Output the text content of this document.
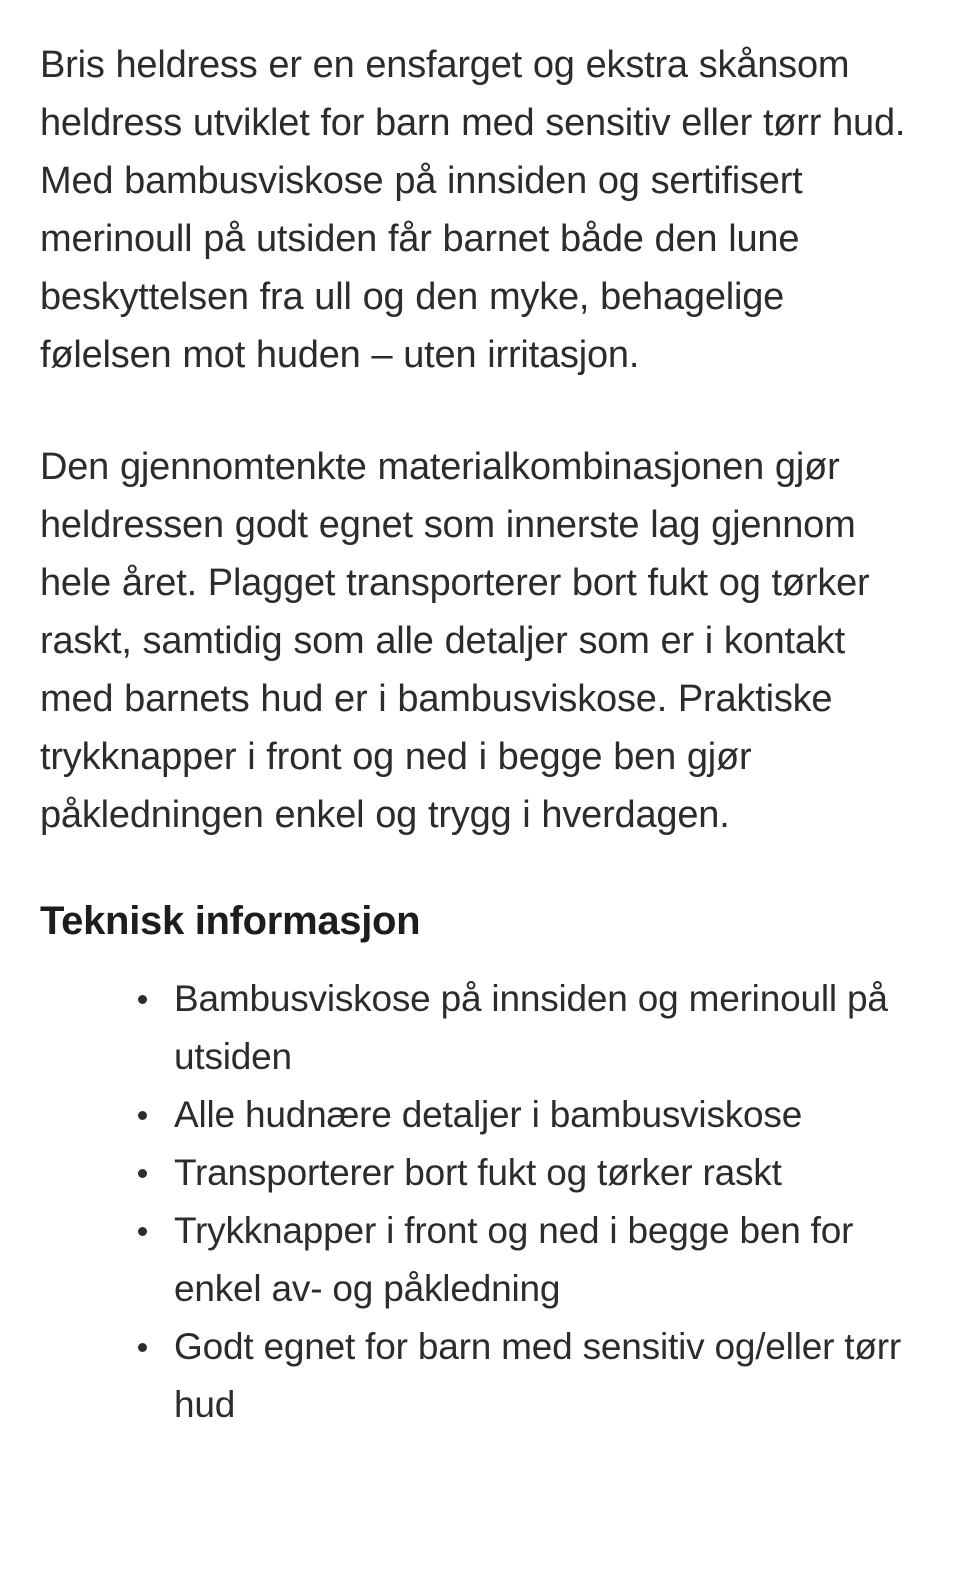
Bris heldress er en ensfarget og ekstra skånsom heldress utviklet for barn med sensitiv eller tørr hud. Med bambusviskose på innsiden og sertifisert merinoull på utsiden får barnet både den lune beskyttelsen fra ull og den myke, behagelige følelsen mot huden – uten irritasjon.

Den gjennomtenkte materialkombinasjonen gjør heldressen godt egnet som innerste lag gjennom hele året. Plagget transporterer bort fukt og tørker raskt, samtidig som alle detaljer som er i kontakt med barnets hud er i bambusviskose. Praktiske trykknapper i front og ned i begge ben gjør påkledningen enkel og trygg i hverdagen.

Teknisk informasjon
Bambusviskose på innsiden og merinoull på utsiden
Alle hudnære detaljer i bambusviskose
Transporterer bort fukt og tørker raskt
Trykknapper i front og ned i begge ben for enkel av- og påkledning
Godt egnet for barn med sensitiv og/eller tørr hud
